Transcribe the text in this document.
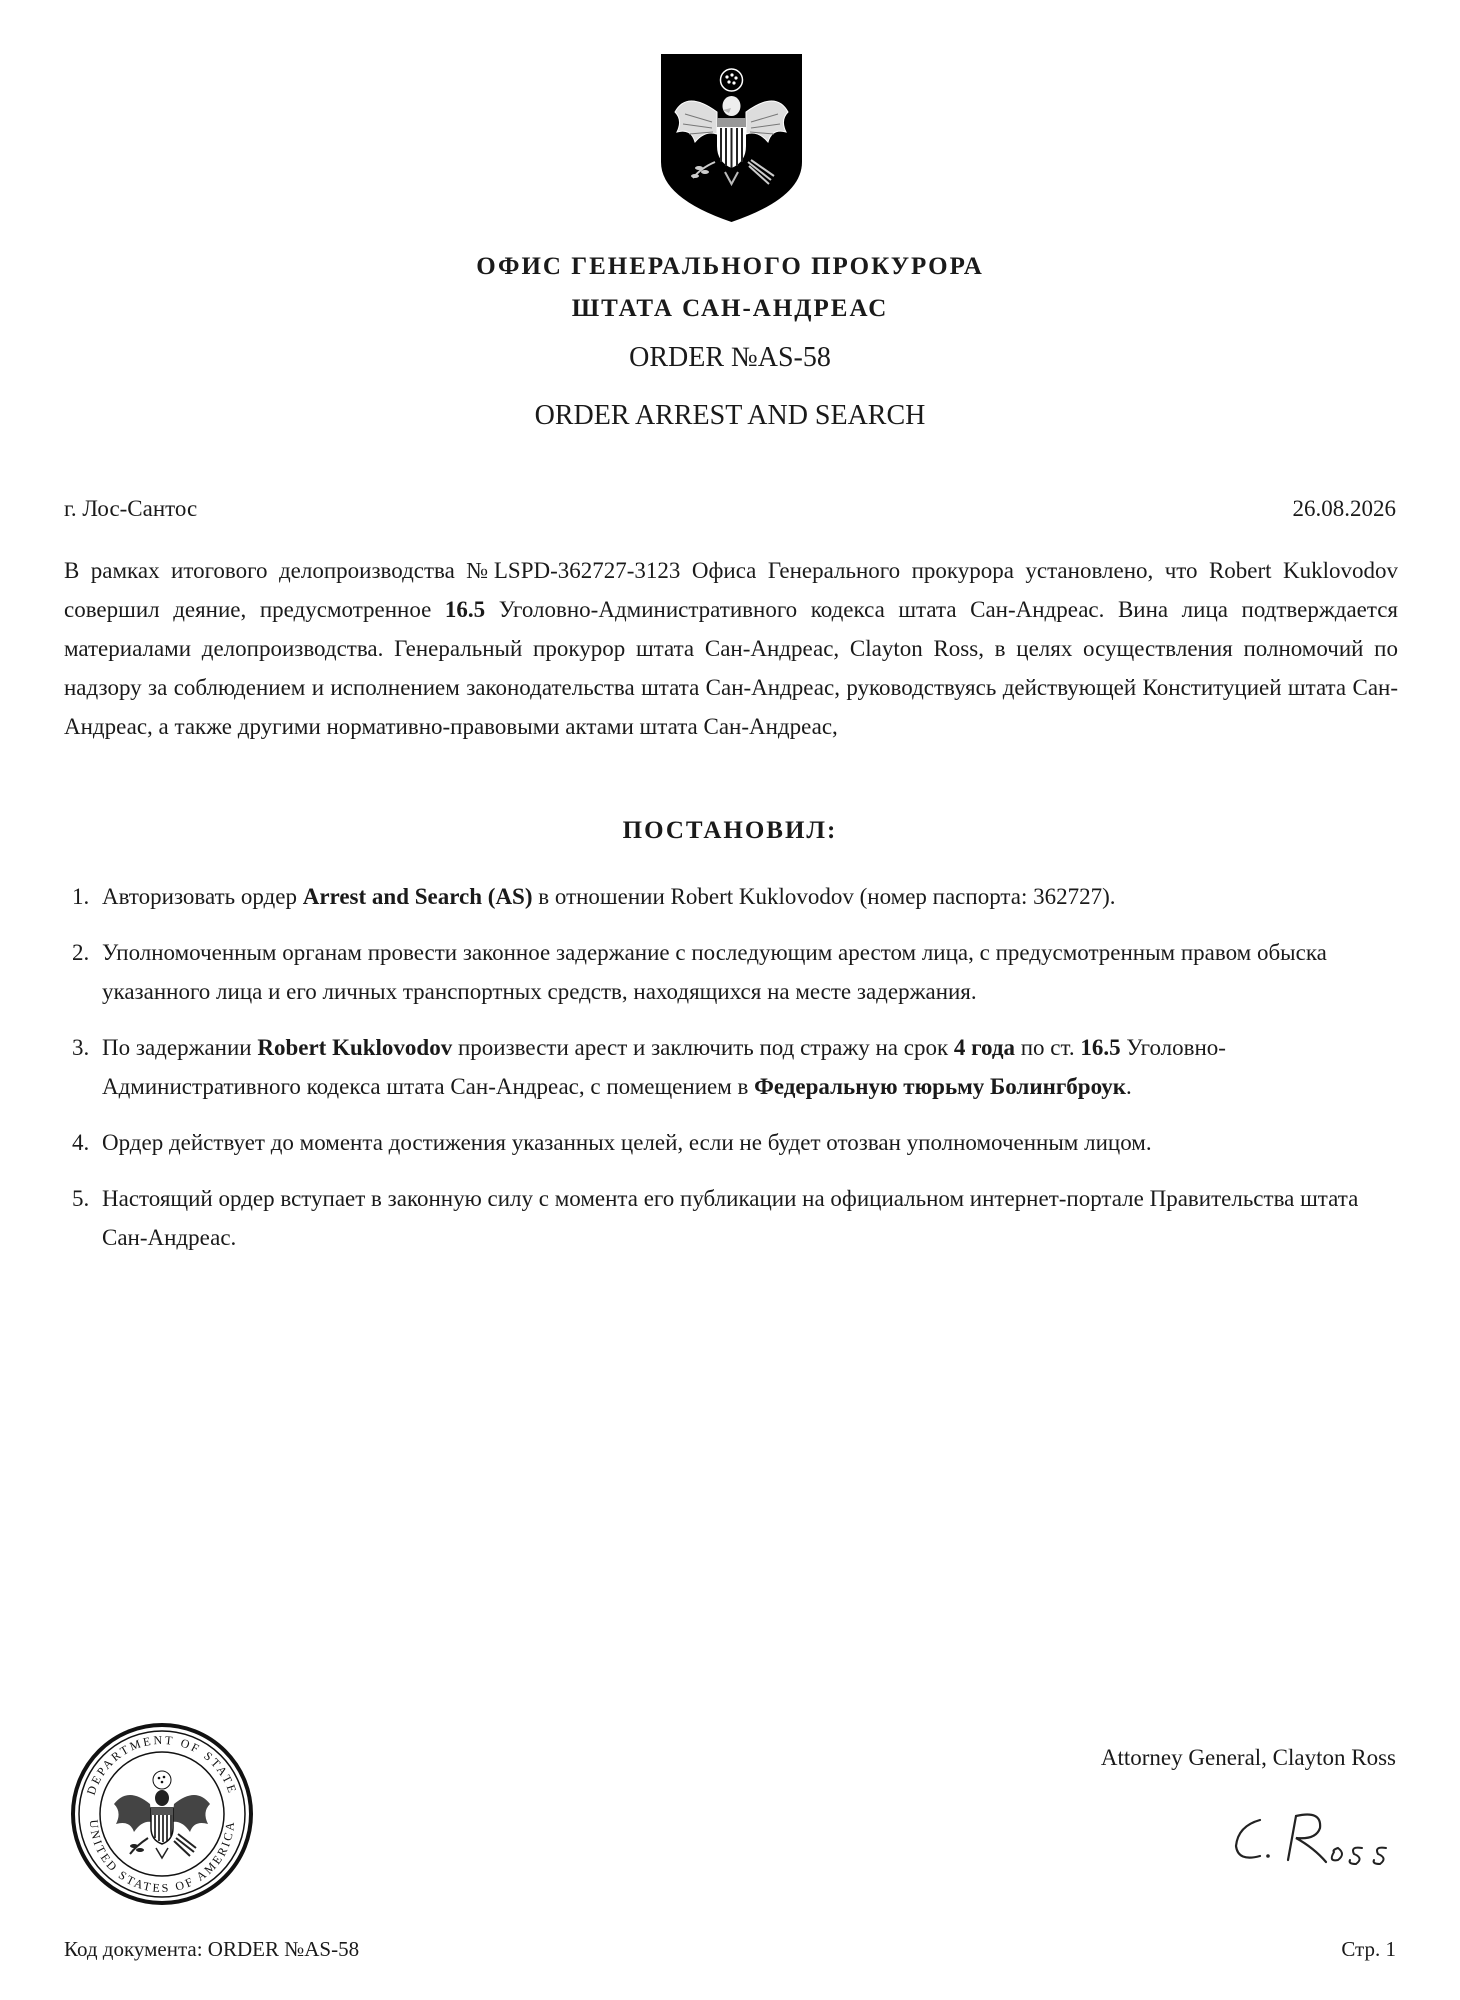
ОФИС ГЕНЕРАЛЬНОГО ПРОКУРОРА
ШТАТА САН-АНДРЕАС
ORDER №AS-58
ORDER ARREST AND SEARCH
г. Лос-Сантос	26.08.2026
В рамках итогового делопроизводства №LSPD-362727-3123 Офиса Генерального прокурора установлено, что Robert Kuklovodov совершил деяние, предусмотренное 16.5 Уголовно-Административного кодекса штата Сан-Андреас. Вина лица подтверждается материалами делопроизводства. Генеральный прокурор штата Сан-Андреас, Clayton Ross, в целях осуществления полномочий по надзору за соблюдением и исполнением законодательства штата Сан-Андреас, руководствуясь действующей Конституцией штата Сан-Андреас, а также другими нормативно-правовыми актами штата Сан-Андреас,
ПОСТАНОВИЛ:
1. Авторизовать ордер Arrest and Search (AS) в отношении Robert Kuklovodov (номер паспорта: 362727).
2. Уполномоченным органам провести законное задержание с последующим арестом лица, с предусмотренным правом обыска указанного лица и его личных транспортных средств, находящихся на месте задержания.
3. По задержании Robert Kuklovodov произвести арест и заключить под стражу на срок 4 года по ст. 16.5 Уголовно-Административного кодекса штата Сан-Андреас, с помещением в Федеральную тюрьму Болингброук.
4. Ордер действует до момента достижения указанных целей, если не будет отозван уполномоченным лицом.
5. Настоящий ордер вступает в законную силу с момента его публикации на официальном интернет-портале Правительства штата Сан-Андреас.
DEPARTMENT OF STATE
UNITED STATES OF AMERICA
Attorney General, Clayton Ross
Код документа: ORDER №AS-58	Стр. 1
